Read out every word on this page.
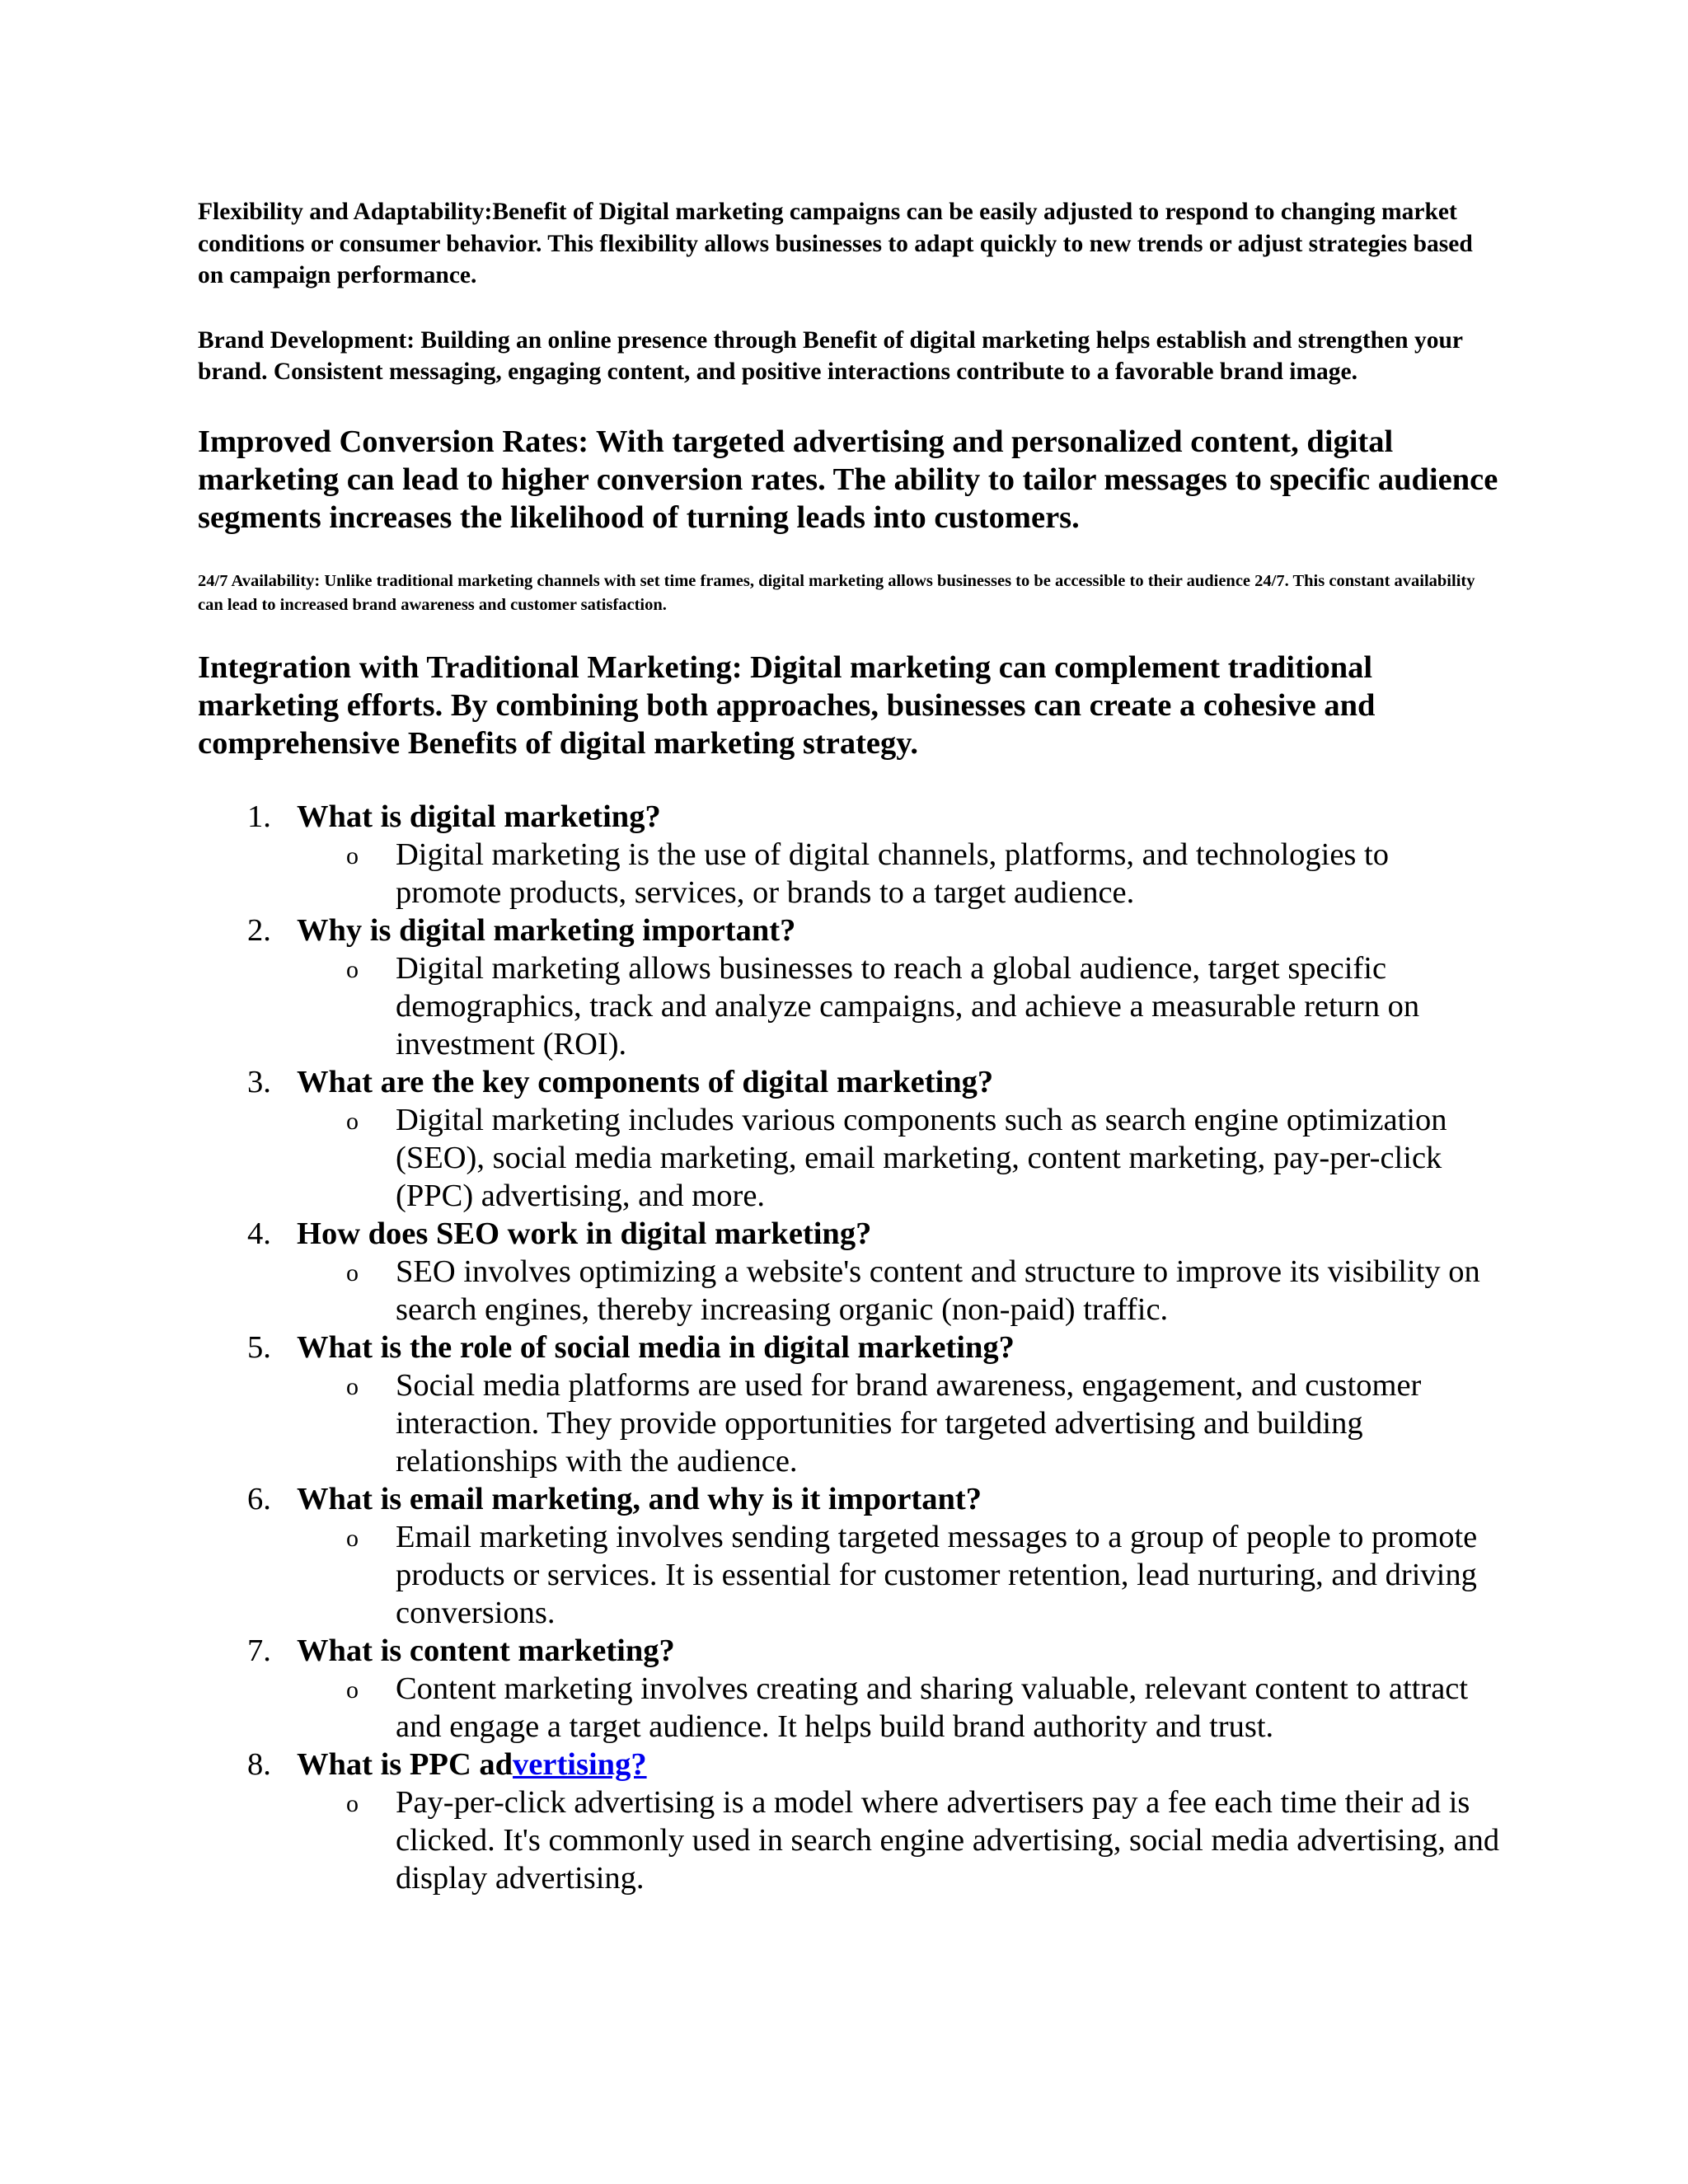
Flexibility and Adaptability:Benefit of Digital marketing campaigns can be easily adjusted to respond to changing market conditions or consumer behavior. This flexibility allows businesses to adapt quickly to new trends or adjust strategies based on campaign performance.

Brand Development: Building an online presence through Benefit of digital marketing helps establish and strengthen your brand. Consistent messaging, engaging content, and positive interactions contribute to a favorable brand image.

Improved Conversion Rates: With targeted advertising and personalized content, digital marketing can lead to higher conversion rates. The ability to tailor messages to specific audience segments increases the likelihood of turning leads into customers.

24/7 Availability: Unlike traditional marketing channels with set time frames, digital marketing allows businesses to be accessible to their audience 24/7. This constant availability can lead to increased brand awareness and customer satisfaction.

Integration with Traditional Marketing: Digital marketing can complement traditional marketing efforts. By combining both approaches, businesses can create a cohesive and comprehensive Benefits of digital marketing strategy.

1. What is digital marketing?
o Digital marketing is the use of digital channels, platforms, and technologies to promote products, services, or brands to a target audience.
2. Why is digital marketing important?
o Digital marketing allows businesses to reach a global audience, target specific demographics, track and analyze campaigns, and achieve a measurable return on investment (ROI).
3. What are the key components of digital marketing?
o Digital marketing includes various components such as search engine optimization (SEO), social media marketing, email marketing, content marketing, pay-per-click (PPC) advertising, and more.
4. How does SEO work in digital marketing?
o SEO involves optimizing a website's content and structure to improve its visibility on search engines, thereby increasing organic (non-paid) traffic.
5. What is the role of social media in digital marketing?
o Social media platforms are used for brand awareness, engagement, and customer interaction. They provide opportunities for targeted advertising and building relationships with the audience.
6. What is email marketing, and why is it important?
o Email marketing involves sending targeted messages to a group of people to promote products or services. It is essential for customer retention, lead nurturing, and driving conversions.
7. What is content marketing?
o Content marketing involves creating and sharing valuable, relevant content to attract and engage a target audience. It helps build brand authority and trust.
8. What is PPC advertising?
o Pay-per-click advertising is a model where advertisers pay a fee each time their ad is clicked. It's commonly used in search engine advertising, social media advertising, and display advertising.
